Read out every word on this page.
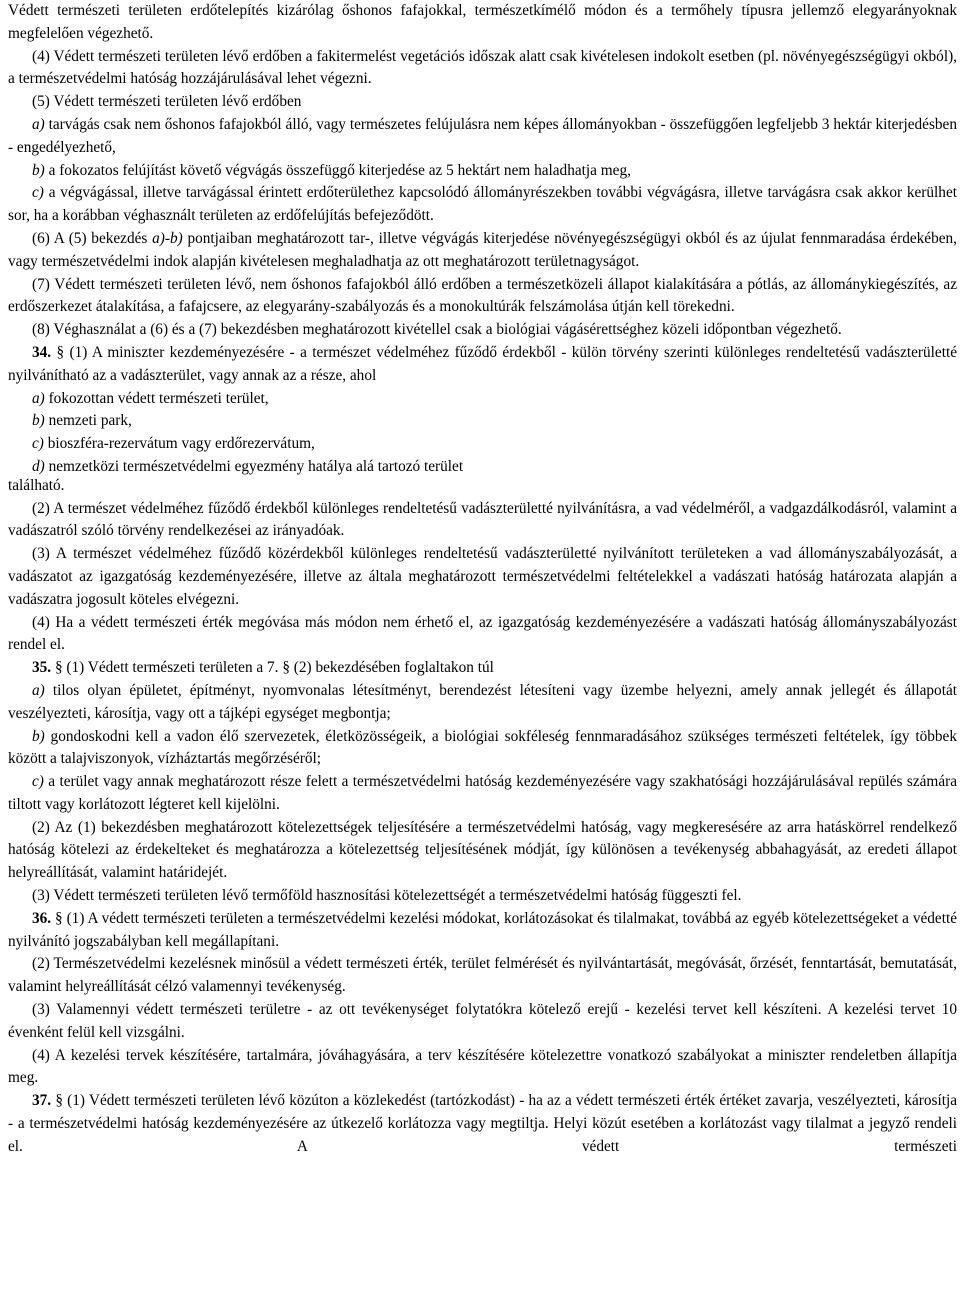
Védett természeti területen erdőtelepítés kizárólag őshonos fafajokkal, természetkímélő módon és a termőhely típusra jellemző elegyarányoknak megfelelően végezhető.

(4) Védett természeti területen lévő erdőben a fakitermelést vegetációs időszak alatt csak kivételesen indokolt esetben (pl. növényegészségügyi okból), a természetvédelmi hatóság hozzájárulásával lehet végezni.

(5) Védett természeti területen lévő erdőben

a) tarvágás csak nem őshonos fafajokból álló, vagy természetes felújulásra nem képes állományokban - összefüggően legfeljebb 3 hektár kiterjedésben - engedélyezhető,

b) a fokozatos felújítást követő végvágás összefüggő kiterjedése az 5 hektárt nem haladhatja meg,

c) a végvágással, illetve tarvágással érintett erdőterülethez kapcsolódó állományrészekben további végvágásra, illetve tarvágásra csak akkor kerülhet sor, ha a korábban véghasznált területen az erdőfelújítás befejeződött.

(6) A (5) bekezdés a)-b) pontjaiban meghatározott tar-, illetve végvágás kiterjedése növényegészségügyi okból és az újulat fennmaradása érdekében, vagy természetvédelmi indok alapján kivételesen meghaladhatja az ott meghatározott területnagyságot.

(7) Védett természeti területen lévő, nem őshonos fafajokból álló erdőben a természetközeli állapot kialakítására a pótlás, az állománykiegészítés, az erdőszerkezet átalakítása, a fafajcsere, az elegyarány-szabályozás és a monokultúrák felszámolása útján kell törekedni.

(8) Véghasználat a (6) és a (7) bekezdésben meghatározott kivétellel csak a biológiai vágásérettséghez közeli időpontban végezhető.

34. § (1) A miniszter kezdeményezésére - a természet védelméhez fűződő érdekből - külön törvény szerinti különleges rendeltetésű vadászterületté nyilvánítható az a vadászterület, vagy annak az a része, ahol

a) fokozottan védett természeti terület,

b) nemzeti park,

c) bioszféra-rezervátum vagy erdőrezervátum,

d) nemzetközi természetvédelmi egyezmény hatálya alá tartozó terület

található.

(2) A természet védelméhez fűződő érdekből különleges rendeltetésű vadászterületté nyilvánításra, a vad védelméről, a vadgazdálkodásról, valamint a vadászatról szóló törvény rendelkezései az irányadóak.

(3) A természet védelméhez fűződő közérdekből különleges rendeltetésű vadászterületté nyilvánított területeken a vad állományszabályozását, a vadászatot az igazgatóság kezdeményezésére, illetve az általa meghatározott természetvédelmi feltételekkel a vadászati hatóság határozata alapján a vadászatra jogosult köteles elvégezni.

(4) Ha a védett természeti érték megóvása más módon nem érhető el, az igazgatóság kezdeményezésére a vadászati hatóság állományszabályozást rendel el.

35. § (1) Védett természeti területen a 7. § (2) bekezdésében foglaltakon túl

a) tilos olyan épületet, építményt, nyomvonalas létesítményt, berendezést létesíteni vagy üzembe helyezni, amely annak jellegét és állapotát veszélyezteti, károsítja, vagy ott a tájképi egységet megbontja;

b) gondoskodni kell a vadon élő szervezetek, életközösségeik, a biológiai sokféleség fennmaradásához szükséges természeti feltételek, így többek között a talajviszonyok, vízháztartás megőrzéséről;

c) a terület vagy annak meghatározott része felett a természetvédelmi hatóság kezdeményezésére vagy szakhatósági hozzájárulásával repülés számára tiltott vagy korlátozott légteret kell kijelölni.

(2) Az (1) bekezdésben meghatározott kötelezettségek teljesítésére a természetvédelmi hatóság, vagy megkeresésére az arra hatáskörrel rendelkező hatóság kötelezi az érdekelteket és meghatározza a kötelezettség teljesítésének módját, így különösen a tevékenység abbahagyását, az eredeti állapot helyreállítását, valamint határidejét.

(3) Védett természeti területen lévő termőföld hasznosítási kötelezettségét a természetvédelmi hatóság függeszti fel.

36. § (1) A védett természeti területen a természetvédelmi kezelési módokat, korlátozásokat és tilalmakat, továbbá az egyéb kötelezettségeket a védetté nyilvánító jogszabályban kell megállapítani.

(2) Természetvédelmi kezelésnek minősül a védett természeti érték, terület felmérését és nyilvántartását, megóvását, őrzését, fenntartását, bemutatását, valamint helyreállítását célzó valamennyi tevékenység.

(3) Valamennyi védett természeti területre - az ott tevékenységet folytatókra kötelező erejű - kezelési tervet kell készíteni. A kezelési tervet 10 évenként felül kell vizsgálni.

(4) A kezelési tervek készítésére, tartalmára, jóváhagyására, a terv készítésére kötelezettre vonatkozó szabályokat a miniszter rendeletben állapítja meg.

37. § (1) Védett természeti területen lévő közúton a közlekedést (tartózkodást) - ha az a védett természeti érték értéket zavarja, veszélyezteti, károsítja - a természetvédelmi hatóság kezdeményezésére az útkezelő korlátozza vagy megtiltja. Helyi közút esetében a korlátozást vagy tilalmat a jegyző rendeli el. A védett természeti
